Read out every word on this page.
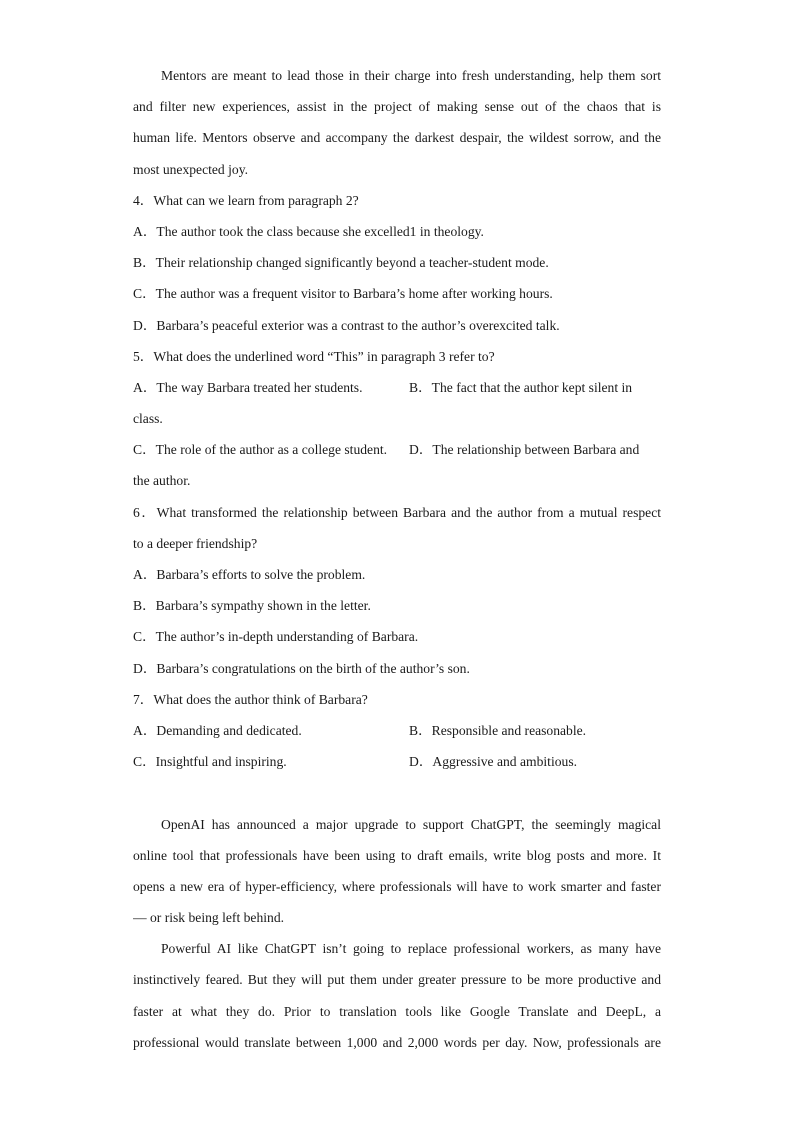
Mentors are meant to lead those in their charge into fresh understanding, help them sort
and filter new experiences, assist in the project of making sense out of the chaos that is
human life. Mentors observe and accompany the darkest despair, the wildest sorrow, and the
most unexpected joy.
4．What can we learn from paragraph 2?
A．The author took the class because she excelled1 in theology.
B．Their relationship changed significantly beyond a teacher-student mode.
C．The author was a frequent visitor to Barbara’s home after working hours.
D．Barbara’s peaceful exterior was a contrast to the author’s overexcited talk.
5．What does the underlined word “This” in paragraph 3 refer to?
A．The way Barbara treated her students.	B．The fact that the author kept silent in
class.
C．The role of the author as a college student.	D．The relationship between Barbara and
the author.
6．What transformed the relationship between Barbara and the author from a mutual respect
to a deeper friendship?
A．Barbara’s efforts to solve the problem.
B．Barbara’s sympathy shown in the letter.
C．The author’s in-depth understanding of Barbara.
D．Barbara’s congratulations on the birth of the author’s son.
7．What does the author think of Barbara?
A．Demanding and dedicated.	B．Responsible and reasonable.
C．Insightful and inspiring.	D．Aggressive and ambitious.
OpenAI has announced a major upgrade to support ChatGPT, the seemingly magical
online tool that professionals have been using to draft emails, write blog posts and more. It
opens a new era of hyper-efficiency, where professionals will have to work smarter and faster
— or risk being left behind.
Powerful AI like ChatGPT isn’t going to replace professional workers, as many have
instinctively feared. But they will put them under greater pressure to be more productive and
faster at what they do. Prior to translation tools like Google Translate and DeepL, a
professional would translate between 1,000 and 2,000 words per day. Now, professionals are
